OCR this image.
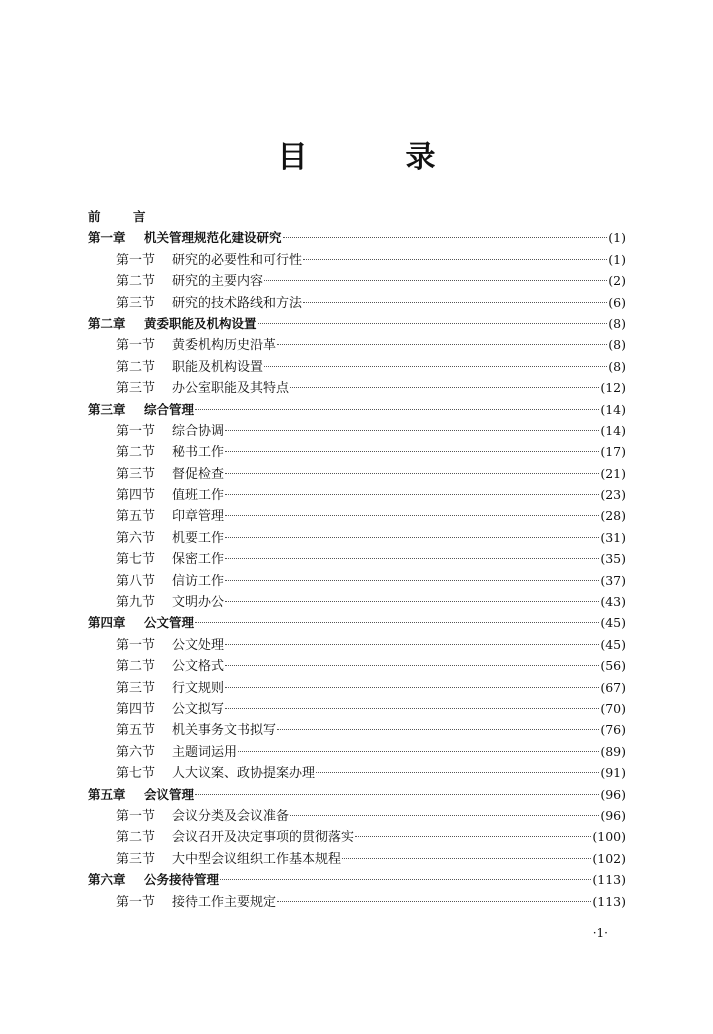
目　录
前　言
第一章	机关管理规范化建设研究	(1)
第一节	研究的必要性和可行性	(1)
第二节	研究的主要内容	(2)
第三节	研究的技术路线和方法	(6)
第二章	黄委职能及机构设置	(8)
第一节	黄委机构历史沿革	(8)
第二节	职能及机构设置	(8)
第三节	办公室职能及其特点	(12)
第三章	综合管理	(14)
第一节	综合协调	(14)
第二节	秘书工作	(17)
第三节	督促检查	(21)
第四节	值班工作	(23)
第五节	印章管理	(28)
第六节	机要工作	(31)
第七节	保密工作	(35)
第八节	信访工作	(37)
第九节	文明办公	(43)
第四章	公文管理	(45)
第一节	公文处理	(45)
第二节	公文格式	(56)
第三节	行文规则	(67)
第四节	公文拟写	(70)
第五节	机关事务文书拟写	(76)
第六节	主题词运用	(89)
第七节	人大议案、政协提案办理	(91)
第五章	会议管理	(96)
第一节	会议分类及会议准备	(96)
第二节	会议召开及决定事项的贯彻落实	(100)
第三节	大中型会议组织工作基本规程	(102)
第六章	公务接待管理	(113)
第一节	接待工作主要规定	(113)
·1·
